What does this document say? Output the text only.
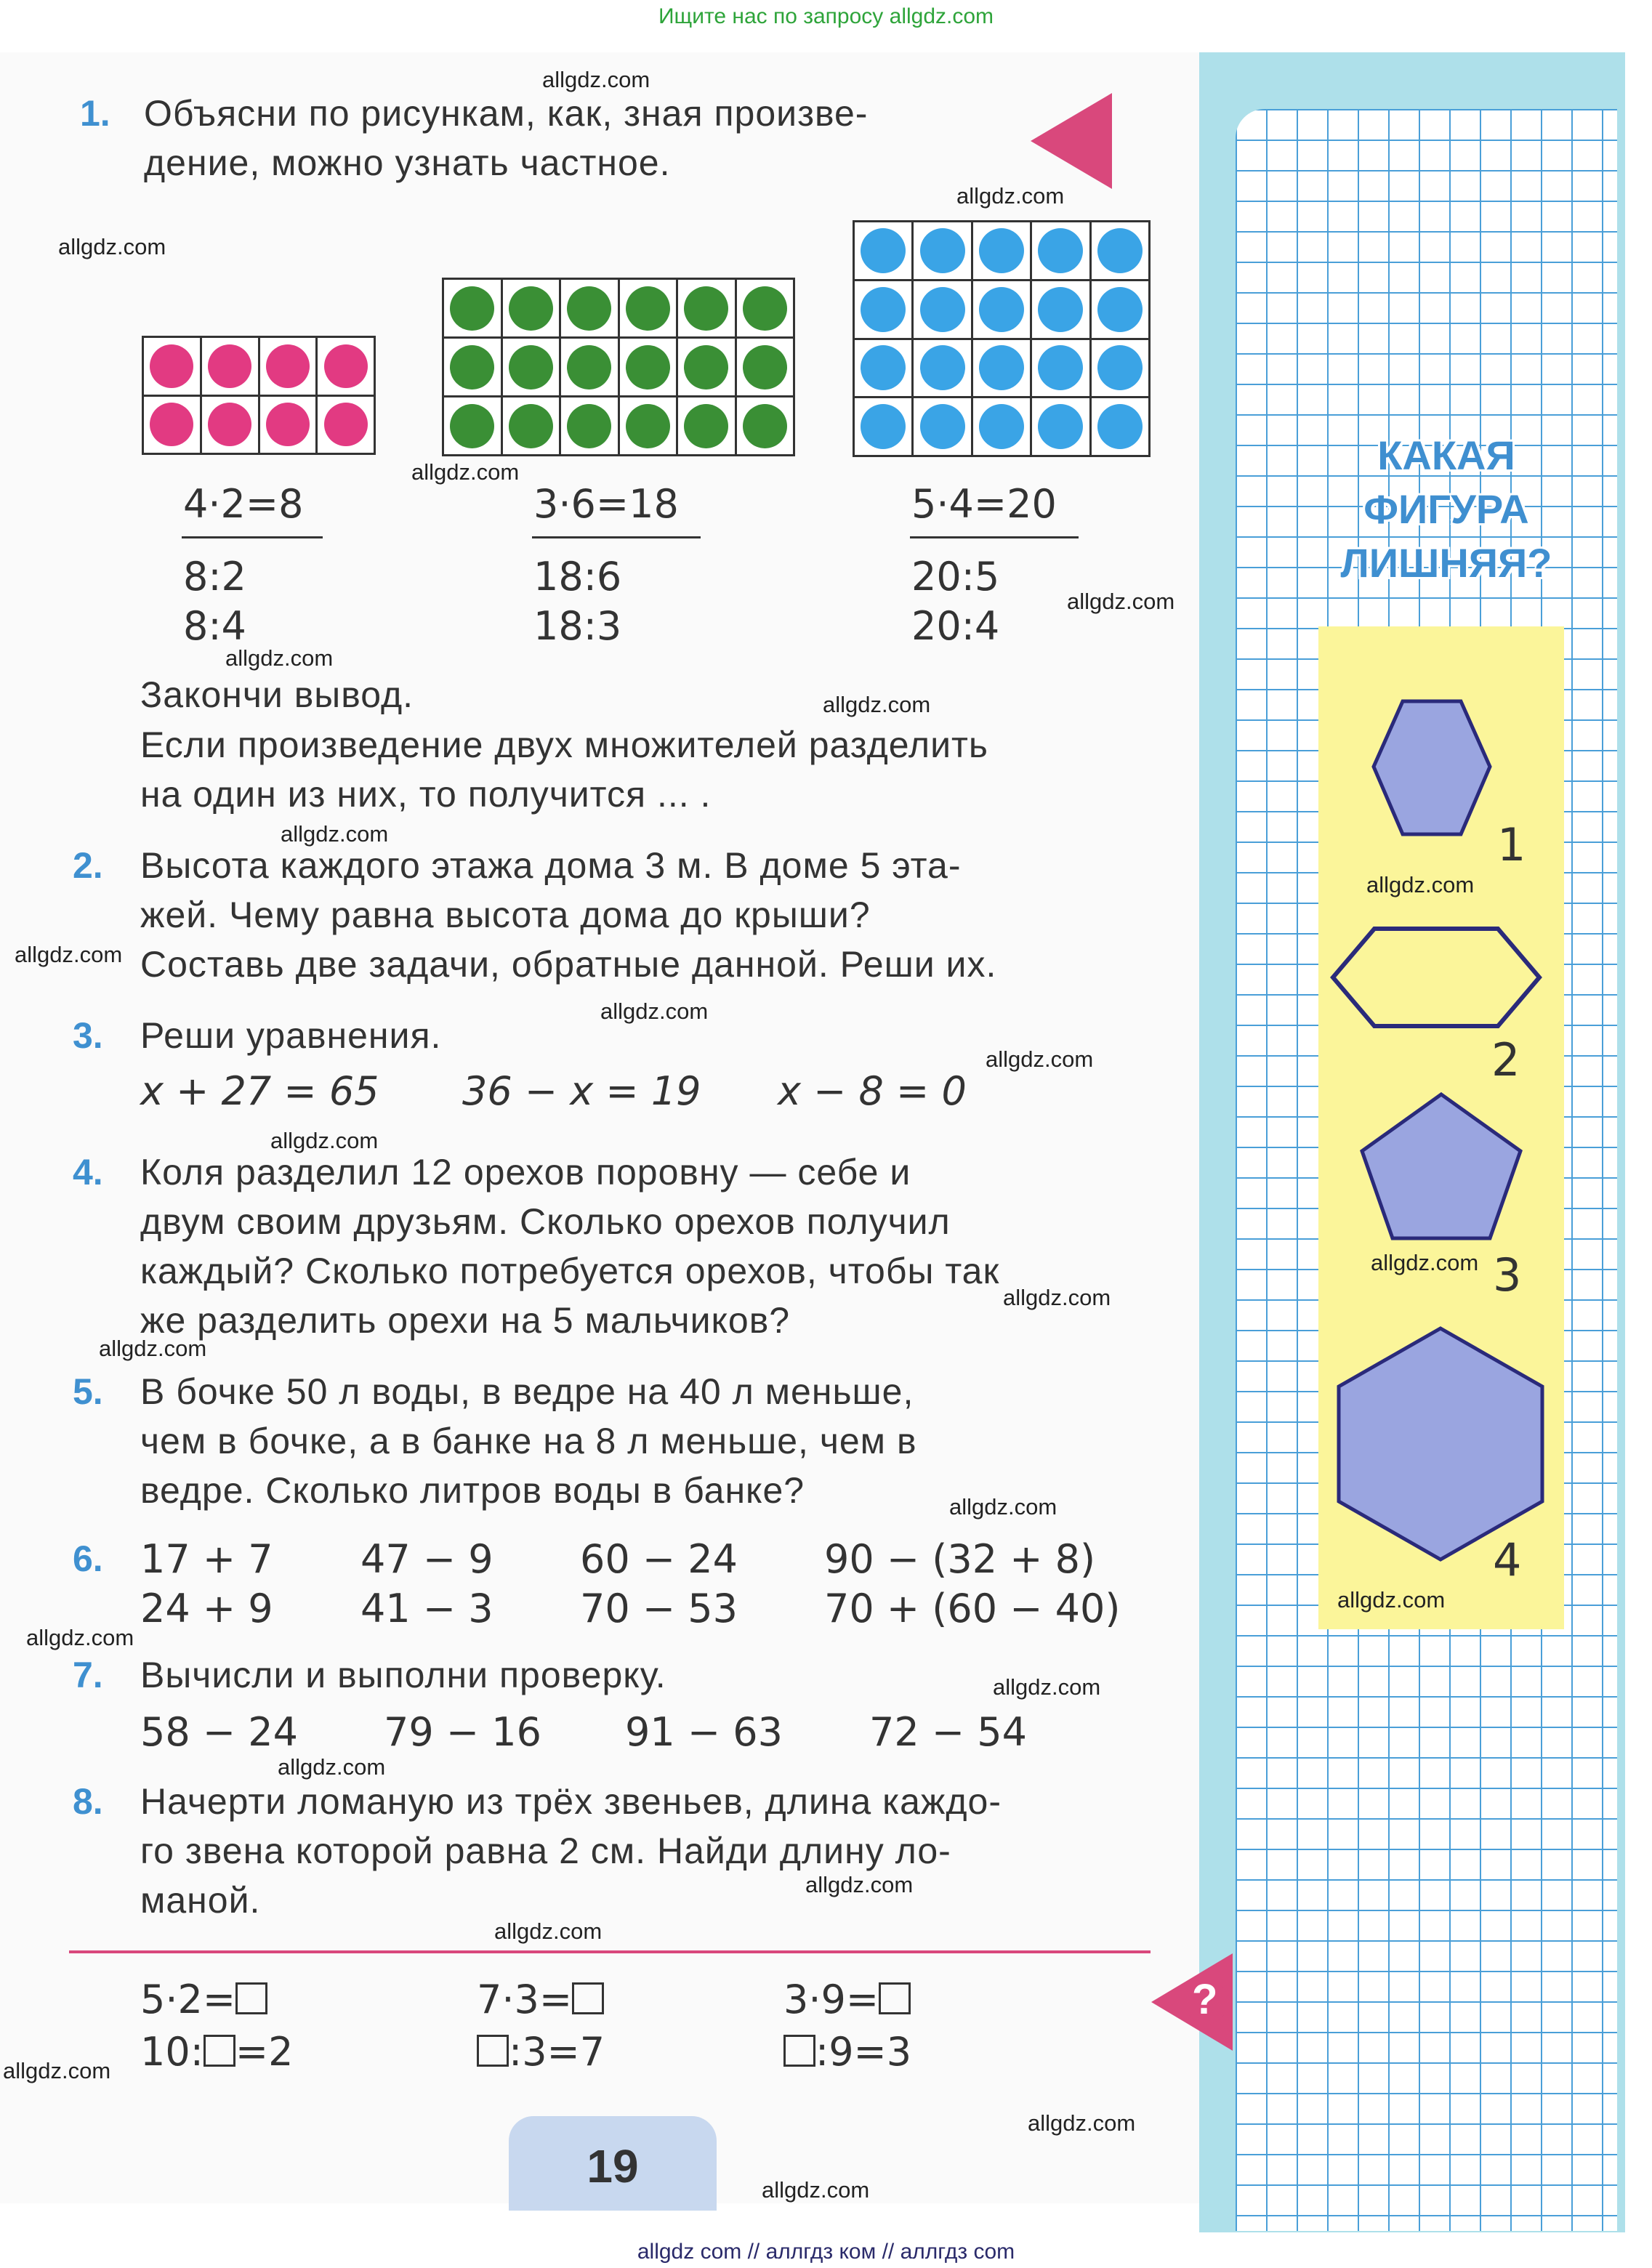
Ищите нас по запросу allgdz.com
1. Объясни по рисункам, как, зная произве-
дение, можно узнать частное.
4·2=8
8:2
8:4
3·6=18
18:6
18:3
5·4=20
20:5
20:4
Закончи вывод.
Если произведение двух множителей разделить
на один из них, то получится ... .
2. Высота каждого этажа дома 3 м. В доме 5 эта-
жей. Чему равна высота дома до крыши?
Составь две задачи, обратные данной. Реши их.
3. Реши уравнения.
x + 27 = 65 36 − x = 19 x − 8 = 0
4. Коля разделил 12 орехов поровну — себе и
двум своим друзьям. Сколько орехов получил
каждый? Сколько потребуется орехов, чтобы так
же разделить орехи на 5 мальчиков?
5. В бочке 50 л воды, в ведре на 40 л меньше,
чем в бочке, а в банке на 8 л меньше, чем в
ведре. Сколько литров воды в банке?
6. 17 + 7 47 − 9 60 − 24 90 − (32 + 8)
24 + 9 41 − 3 70 − 53 70 + (60 − 40)
7. Вычисли и выполни проверку.
58 − 24 79 − 16 91 − 63 72 − 54
8. Начерти ломаную из трёх звеньев, длина каждо-
го звена которой равна 2 см. Найди длину ло-
маной.
5·2=	7·3=	3·9=
10: =2	:3=7	:9=3
?
19
КАКАЯ
ФИГУРА
ЛИШНЯЯ?
1
2
3
4
allgdz.com
allgdz.com
allgdz.com
allgdz.com
allgdz.com
allgdz.com
allgdz.com
allgdz.com
allgdz.com
allgdz.com
allgdz.com
allgdz.com
allgdz.com
allgdz.com
allgdz.com
allgdz.com
allgdz.com
allgdz.com
allgdz.com
allgdz.com
allgdz.com
allgdz.com
allgdz.com
allgdz.com
allgdz.com
allgdz.com
allgdz com // аллгдз ком // аллгдз com
